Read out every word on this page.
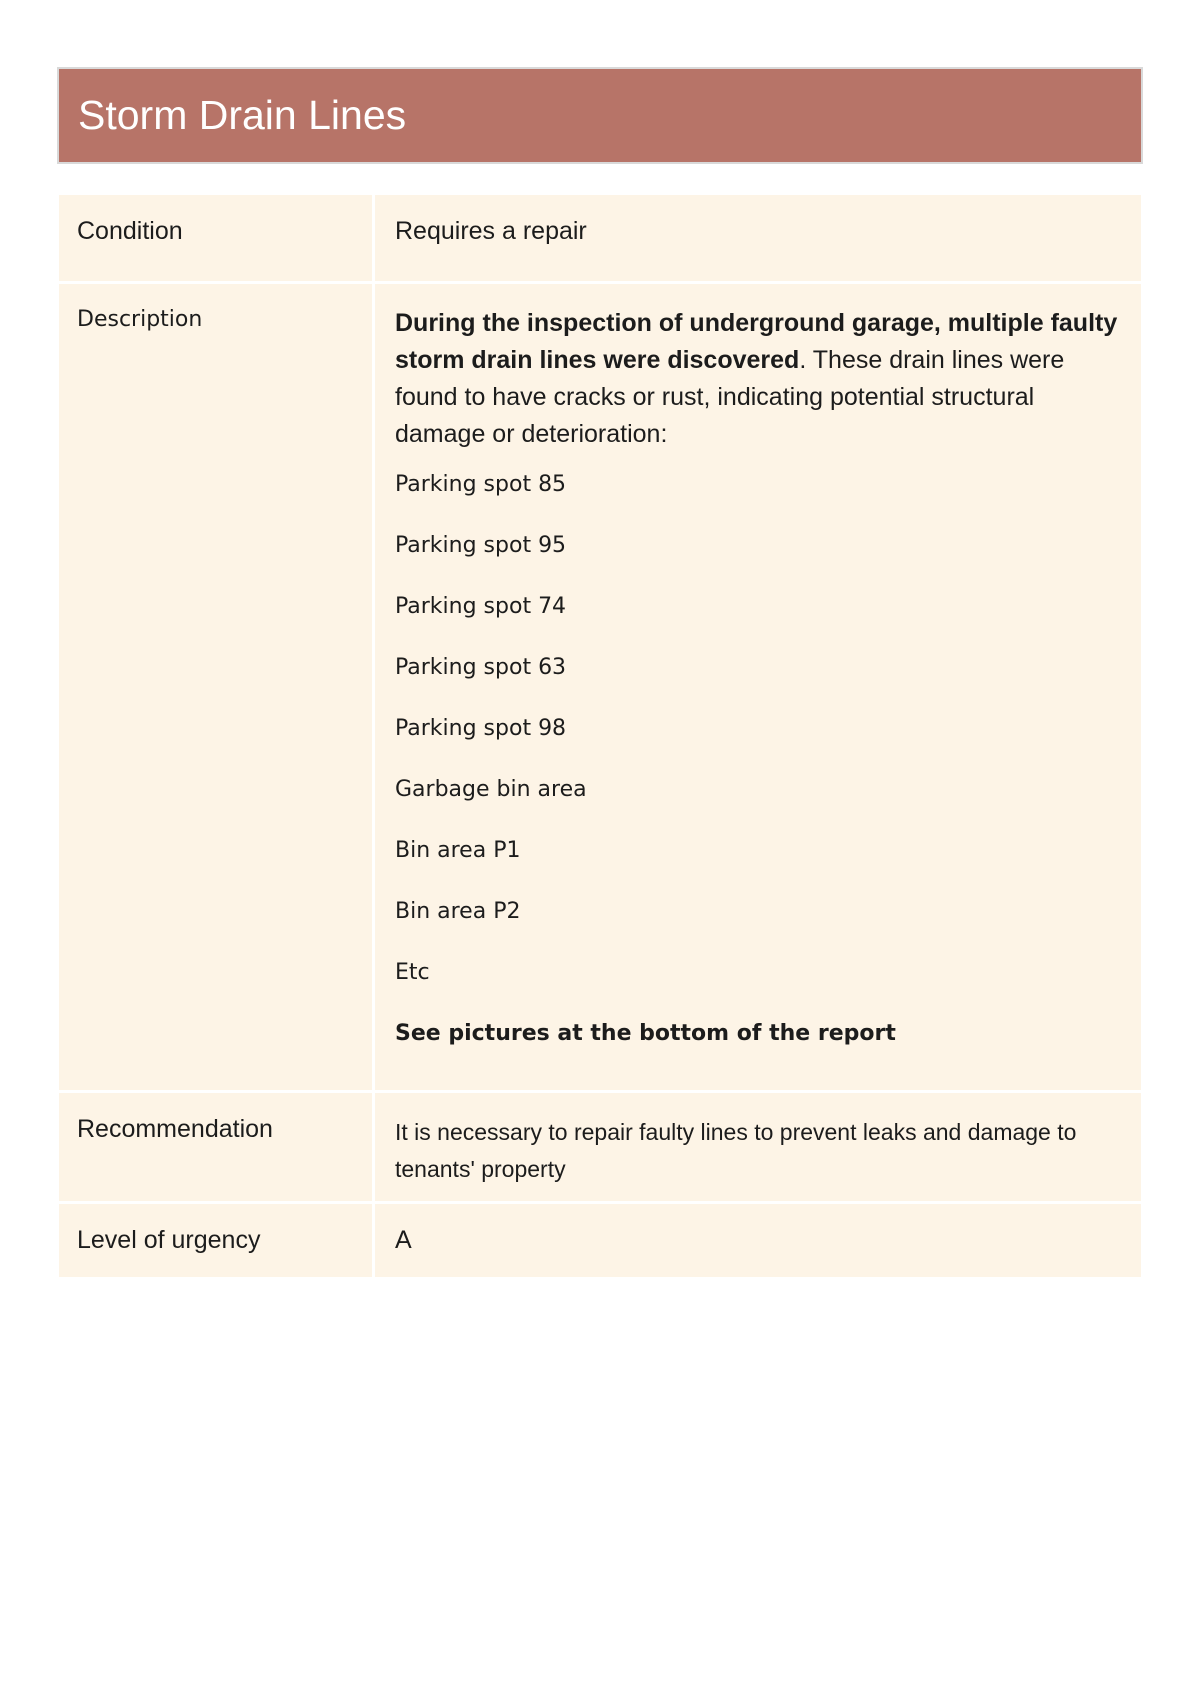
Storm Drain Lines
Condition	Requires a repair
Description	During the inspection of underground garage, multiple faulty storm drain lines were discovered. These drain lines were found to have cracks or rust, indicating potential structural damage or deterioration:

Parking spot 85
Parking spot 95
Parking spot 74
Parking spot 63
Parking spot 98
Garbage bin area
Bin area P1
Bin area P2
Etc

See pictures at the bottom of the report

Recommendation	It is necessary to repair faulty lines to prevent leaks and damage to tenants' property

Level of urgency	A
